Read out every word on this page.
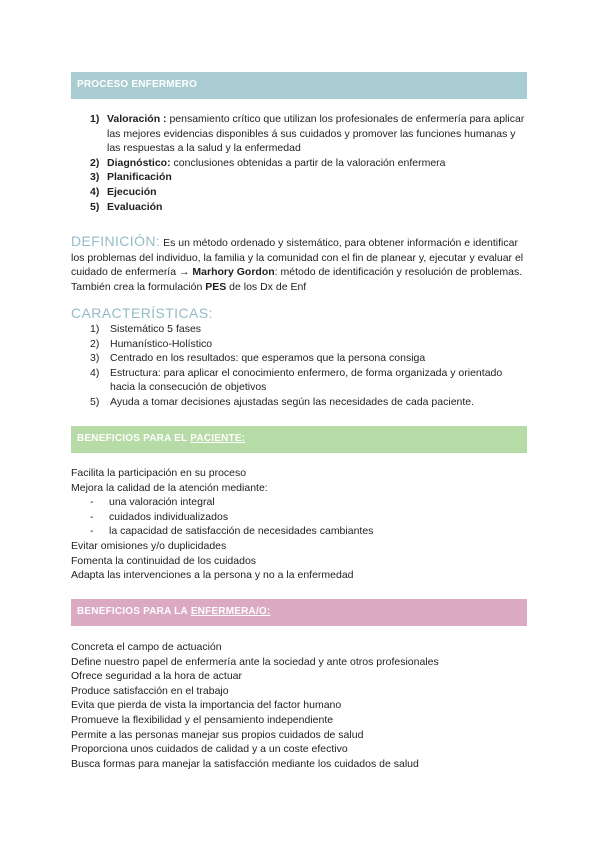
PROCESO ENFERMERO
1) Valoración : pensamiento crítico que utilizan los profesionales de enfermería para aplicar las mejores evidencias disponibles á sus cuidados y promover las funciones humanas y las respuestas a la salud y la enfermedad
2) Diagnóstico: conclusiones obtenidas a partir de la valoración enfermera
3) Planificación
4) Ejecución
5) Evaluación

DEFINICIÓN: Es un método ordenado y sistemático, para obtener información e identificar los problemas del individuo, la familia y la comunidad con el fin de planear y, ejecutar y evaluar el cuidado de enfermería → Marhory Gordon: método de identificación y resolución de problemas. También crea la formulación PES de los Dx de Enf

CARACTERÍSTICAS:
1) Sistemático 5 fases
2) Humanístico-Holístico
3) Centrado en los resultados: que esperamos que la persona consiga
4) Estructura: para aplicar el conocimiento enfermero, de forma organizada y orientado hacia la consecución de objetivos
5) Ayuda a tomar decisiones ajustadas según las necesidades de cada paciente.
BENEFICIOS PARA EL
PACIENTE:
Facilita la participación en su proceso
Mejora la calidad de la atención mediante:
- una valoración integral
- cuidados individualizados
- la capacidad de satisfacción de necesidades cambiantes
Evitar omisiones y/o duplicidades
Fomenta la continuidad de los cuidados
Adapta las intervenciones a la persona y no a la enfermedad
BENEFICIOS PARA LA
ENFERMERA/O:
Concreta el campo de actuación
Define nuestro papel de enfermería ante la sociedad y ante otros profesionales
Ofrece seguridad a la hora de actuar
Produce satisfacción en el trabajo
Evita que pierda de vista la importancia del factor humano
Promueve la flexibilidad y el pensamiento independiente
Permite a las personas manejar sus propios cuidados de salud
Proporciona unos cuidados de calidad y a un coste efectivo
Busca formas para manejar la satisfacción mediante los cuidados de salud
